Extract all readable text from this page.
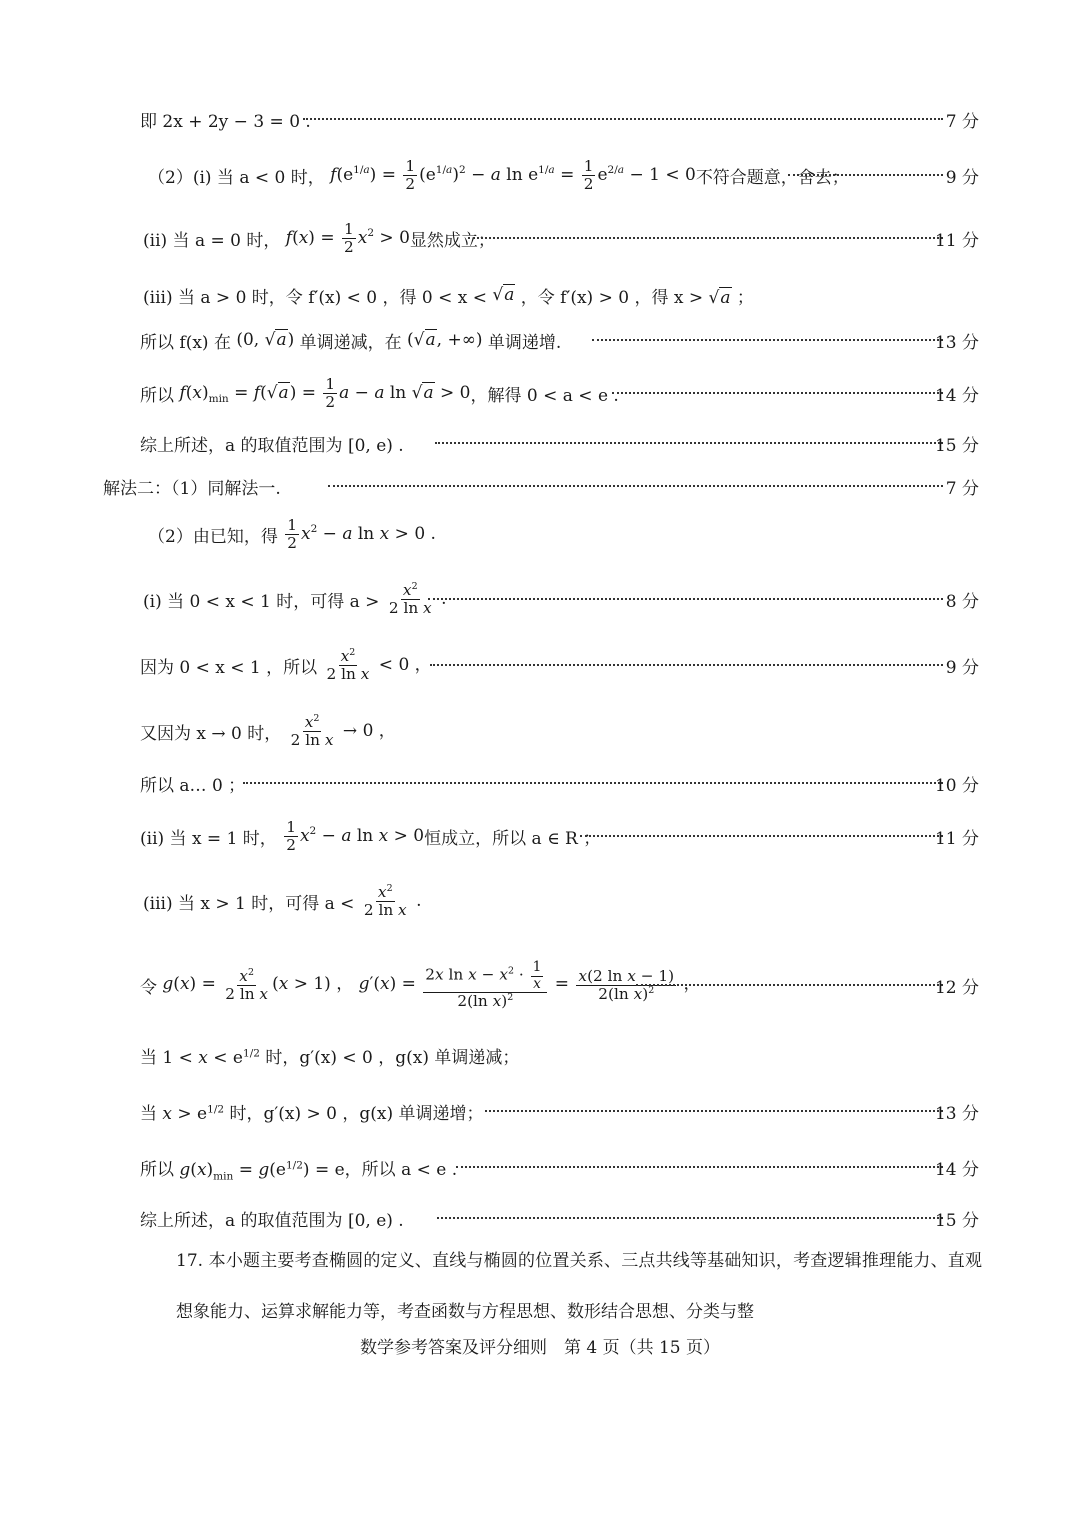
即 2x + 2y − 3 = 0 .	7 分
（2）(i) 当 a < 0 时， $f(e^{1/a}) = \frac{1}{2} (e^{1/a})^2 - a$ $\ln e^{1/a} = \frac{1}{2} e^{2/a} - 1 < 0$ 不符合题意，舍去；	9 分
(ii) 当 a = 0 时， $f(x) = \frac{1}{2} x^2 > 0$ 显然成立；	11 分
(iii) 当 a > 0 时，令 f′(x) < 0 ，得 0 < x < √a ，令 f′(x) > 0 ，得 x > √a ；
所以 f(x) 在 (0, √a) 单调递减，在 (√a, +∞) 单调递增.	13 分
所以 $f(x)_{min} = f(√a) = \frac{1}{2}$ a − a ln √a > 0 ，解得 0 < a < e .	14 分
综上所述，a 的取值范围为 [0, e) .	15 分
解法二：（1）同解法一.	7 分
（2）由已知，得
$\frac{1}{2} x^2 - a$ ln x > 0 .
(i) 当 0 < x < 1 时，可得 a >
$\frac{x^2}{\text{2 ln x}}$ .	8 分
因为 0 < x < 1 ，所以
$\frac{x^2}{\text{2 ln x}} < 0$ ，	9 分
又因为 x → 0 时，
$\frac{x^2}{\text{2 ln x}} \to 0$ ，
所以 a… 0 ；	10 分
(ii) 当 x = 1 时，
$\frac{1}{2} x^2 - a$ ln x > 0 恒成立，所以 a ∈ R ；	11 分
(iii) 当 x > 1 时，可得 a <
$\frac{x^2}{\text{2 ln x}}$ .
令 $g(x) = \frac{x^2}{\text{2 ln x}} (x > 1)$ ， $g'(x) = \frac{2x \ln x - x^2 \cdot \frac{1}{x}}{2(\ln x)^2} = \frac{\text{x(2 ln x − 1)}}{2(\ln x)^2}$ ，	12 分
当 $1 < x < e^{1/2}$ 时，g′(x) < 0 ，g(x) 单调递减；
当 $x > e^{1/2}$ 时，g′(x) > 0 ，g(x) 单调递增；	13 分
所以 $g(x)_{min} = g(e^{1/2}) = e$ ，所以 a < e .	14 分
综上所述，a 的取值范围为 [0, e) .	15 分
17. 本小题主要考查椭圆的定义、直线与椭圆的位置关系、三点共线等基础知识，考查逻辑推理能力、直观想象能力、运算求解能力等，考查函数与方程思想、数形结合思想、分类与整
数学参考答案及评分细则　第 4 页（共 15 页）
